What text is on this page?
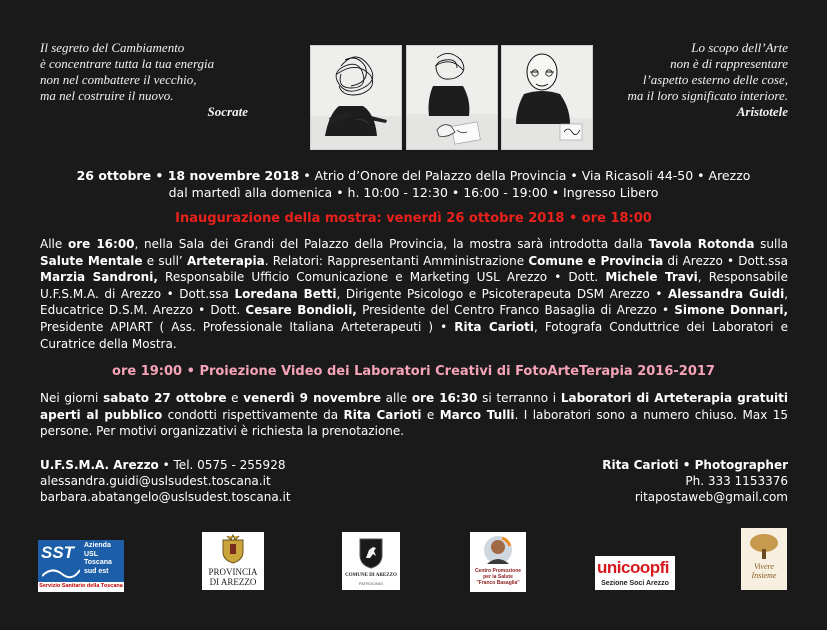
Il segreto del Cambiamento
è concentrare tutta la tua energia
non nel combattere il vecchio,
ma nel costruire il nuovo.
Socrate
Lo scopo dell’Arte
non è di rappresentare
l’aspetto esterno delle cose,
ma il loro significato interiore.
Aristotele
26 ottobre • 18 novembre 2018 • Atrio d’Onore del Palazzo della Provincia • Via Ricasoli 44-50 • Arezzo
dal martedì alla domenica • h. 10:00 - 12:30 • 16:00 - 19:00 • Ingresso Libero
Inaugurazione della mostra: venerdì 26 ottobre 2018 • ore 18:00
Alle ore 16:00, nella Sala dei Grandi del Palazzo della Provincia, la mostra sarà introdotta dalla Tavola Rotonda sulla Salute Mentale e sull’ Arteterapia. Relatori: Rappresentanti Amministrazione Comune e Provincia di Arezzo • Dott.ssa Marzia Sandroni, Responsabile Ufficio Comunicazione e Marketing USL Arezzo • Dott. Michele Travi, Responsabile U.F.S.M.A. di Arezzo • Dott.ssa Loredana Betti, Dirigente Psicologo e Psicoterapeuta DSM Arezzo • Alessandra Guidi, Educatrice D.S.M. Arezzo • Dott. Cesare Bondioli, Presidente del Centro Franco Basaglia di Arezzo • Simone Donnari, Presidente APIART ( Ass. Professionale Italiana Arteterapeuti ) • Rita Carioti, Fotografa Conduttrice dei Laboratori e Curatrice della Mostra.
ore 19:00 • Proiezione Video dei Laboratori Creativi di FotoArteTerapia 2016-2017
Nei giorni sabato 27 ottobre e venerdì 9 novembre alle ore 16:30 si terranno i Laboratori di Arteterapia gratuiti aperti al pubblico condotti rispettivamente da Rita Carioti e Marco Tulli. I laboratori sono a numero chiuso. Max 15 persone. Per motivi organizzativi è richiesta la prenotazione.
U.F.S.M.A. Arezzo • Tel. 0575 - 255928
alessandra.guidi@uslsudest.toscana.it
barbara.abatangelo@uslsudest.toscana.it
Rita Carioti • Photographer
Ph. 333 1153376
ritapostaweb@gmail.com
SST Azienda
USL
Toscana
sud est
Servizio Sanitario della Toscana
PROVINCIA
DI AREZZO
COMUNE DI AREZZO
PATROCINIO
Centro Promozione
per la Salute
"Franco Basaglia"
unicoopfi
Sezione Soci Arezzo
Vivere
Insieme
